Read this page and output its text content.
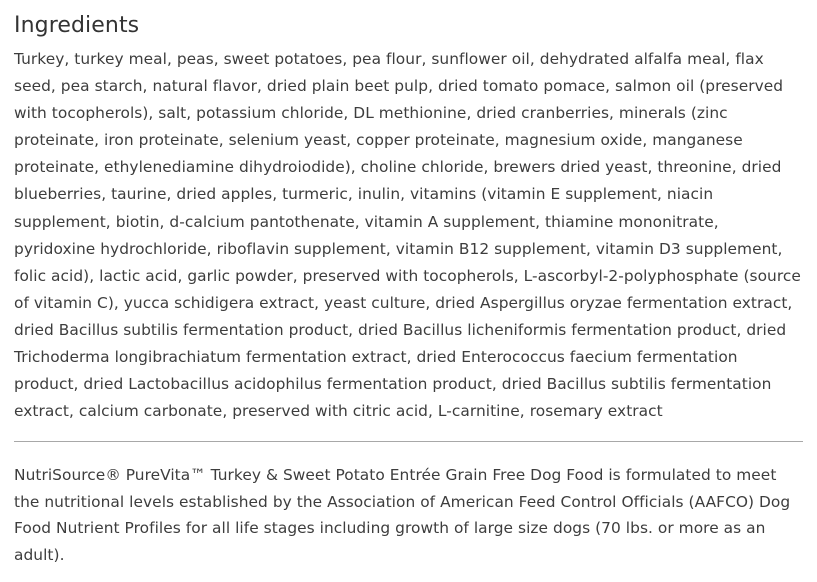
Ingredients

Turkey, turkey meal, peas, sweet potatoes, pea flour, sunflower oil, dehydrated alfalfa meal, flax seed, pea starch, natural flavor, dried plain beet pulp, dried tomato pomace, salmon oil (preserved with tocopherols), salt, potassium chloride, DL methionine, dried cranberries, minerals (zinc proteinate, iron proteinate, selenium yeast, copper proteinate, magnesium oxide, manganese proteinate, ethylenediamine dihydroiodide), choline chloride, brewers dried yeast, threonine, dried blueberries, taurine, dried apples, turmeric, inulin, vitamins (vitamin E supplement, niacin supplement, biotin, d-calcium pantothenate, vitamin A supplement, thiamine mononitrate, pyridoxine hydrochloride, riboflavin supplement, vitamin B12 supplement, vitamin D3 supplement, folic acid), lactic acid, garlic powder, preserved with tocopherols, L-ascorbyl-2-polyphosphate (source of vitamin C), yucca schidigera extract, yeast culture, dried Aspergillus oryzae fermentation extract, dried Bacillus subtilis fermentation product, dried Bacillus licheniformis fermentation product, dried Trichoderma longibrachiatum fermentation extract, dried Enterococcus faecium fermentation product, dried Lactobacillus acidophilus fermentation product, dried Bacillus subtilis fermentation extract, calcium carbonate, preserved with citric acid, L-carnitine, rosemary extract

NutriSource® PureVita™ Turkey & Sweet Potato Entrée Grain Free Dog Food is formulated to meet the nutritional levels established by the Association of American Feed Control Officials (AAFCO) Dog Food Nutrient Profiles for all life stages including growth of large size dogs (70 lbs. or more as an adult).
